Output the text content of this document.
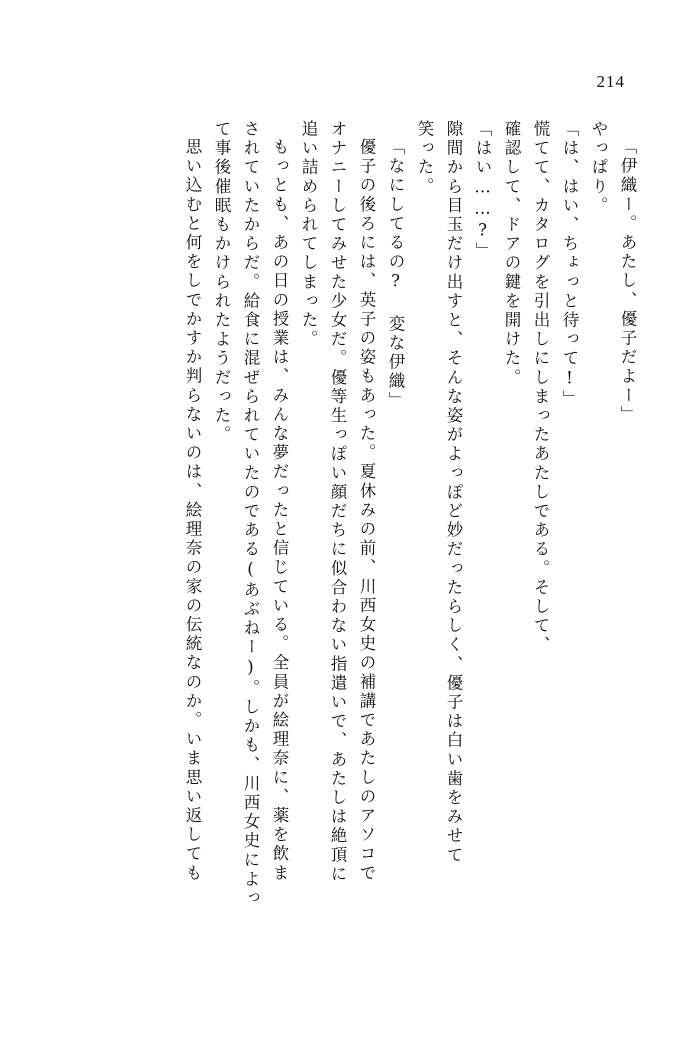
214
「伊織ー。あたし、優子だよー」
やっぱり。
「は、はい、ちょっと待って!」
慌てて、カタログを引出しにしまったあたしである。そして、
確認して、ドアの鍵を開けた。
「はい……?」
隙間から目玉だけ出すと、そんな姿がよっぽど妙だったらしく、優子は白い歯をみせて
笑った。
「なにしてるの? 変な伊織」
優子の後ろには、英子の姿もあった。夏休みの前、川西女史の補講であたしのアソコで
オナニーしてみせた少女だ。優等生っぽい顔だちに似合わない指遣いで、あたしは絶頂に
追い詰められてしまった。
もっとも、あの日の授業は、みんな夢だったと信じている。全員が絵理奈に、薬を飲ま
されていたからだ。給食に混ぜられていたのである(あぶねー)。しかも、川西女史によっ
て事後催眠もかけられたようだった。
思い込むと何をしでかすか判らないのは、絵理奈の家の伝統なのか。いま思い返しても
